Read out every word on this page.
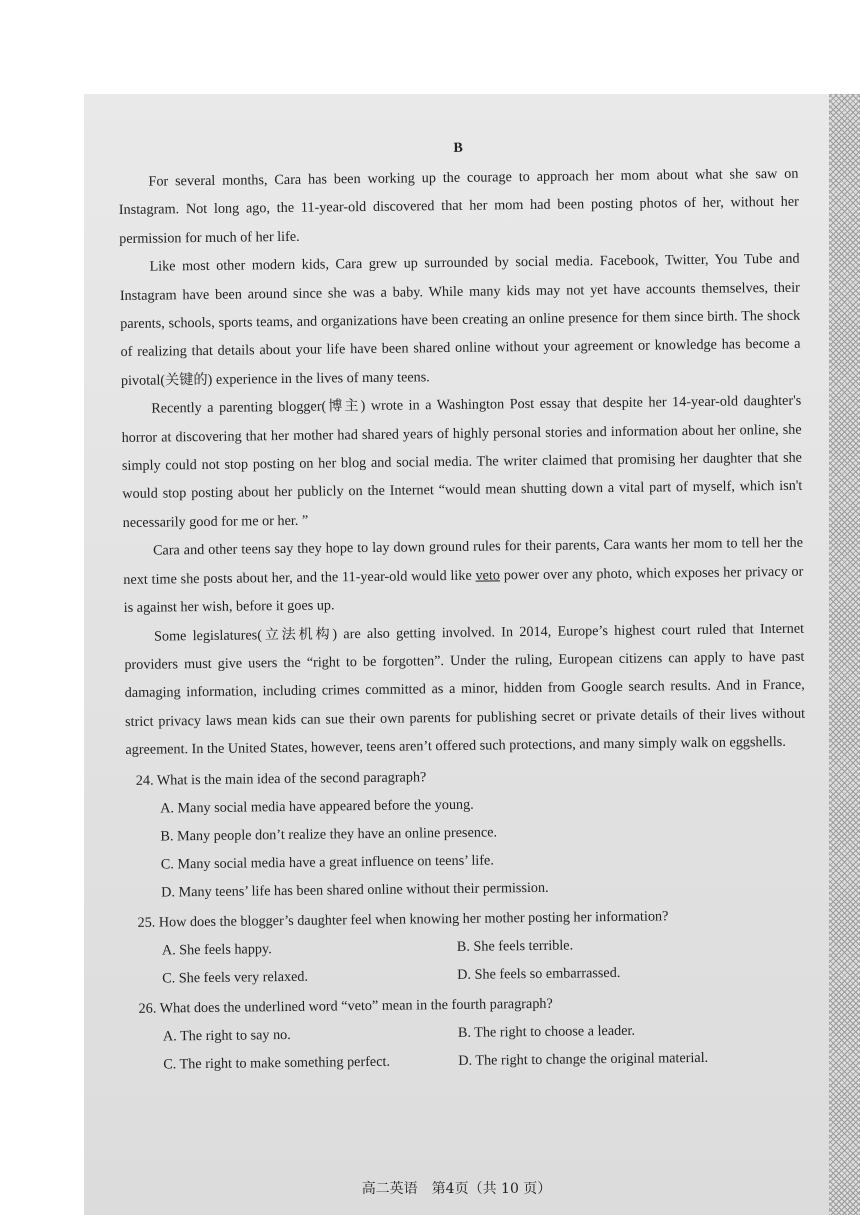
B

For several months, Cara has been working up the courage to approach her mom about what she saw on Instagram. Not long ago, the 11-year-old discovered that her mom had been posting photos of her, without her permission for much of her life.

Like most other modern kids, Cara grew up surrounded by social media. Facebook, Twitter, You Tube and Instagram have been around since she was a baby. While many kids may not yet have accounts themselves, their parents, schools, sports teams, and organizations have been creating an online presence for them since birth. The shock of realizing that details about your life have been shared online without your agreement or knowledge has become a pivotal(关键的) experience in the lives of many teens.

Recently a parenting blogger(博主) wrote in a Washington Post essay that despite her 14-year-old daughter's horror at discovering that her mother had shared years of highly personal stories and information about her online, she simply could not stop posting on her blog and social media. The writer claimed that promising her daughter that she would stop posting about her publicly on the Internet “would mean shutting down a vital part of myself, which isn't necessarily good for me or her. ”

Cara and other teens say they hope to lay down ground rules for their parents, Cara wants her mom to tell her the next time she posts about her, and the 11-year-old would like veto power over any photo, which exposes her privacy or is against her wish, before it goes up.

Some legislatures(立法机构) are also getting involved. In 2014, Europe’s highest court ruled that Internet providers must give users the “right to be forgotten”. Under the ruling, European citizens can apply to have past damaging information, including crimes committed as a minor, hidden from Google search results. And in France, strict privacy laws mean kids can sue their own parents for publishing secret or private details of their lives without agreement. In the United States, however, teens aren’t offered such protections, and many simply walk on eggshells.

24. What is the main idea of the second paragraph?
A. Many social media have appeared before the young.
B. Many people don’t realize they have an online presence.
C. Many social media have a great influence on teens’ life.
D. Many teens’ life has been shared online without their permission.
25. How does the blogger’s daughter feel when knowing her mother posting her information?
A. She feels happy.	B. She feels terrible.
C. She feels very relaxed.	D. She feels so embarrassed.
26. What does the underlined word “veto” mean in the fourth paragraph?
A. The right to say no.	B. The right to choose a leader.
C. The right to make something perfect.	D. The right to change the original material.
高二英语　第4页（共 10 页）
